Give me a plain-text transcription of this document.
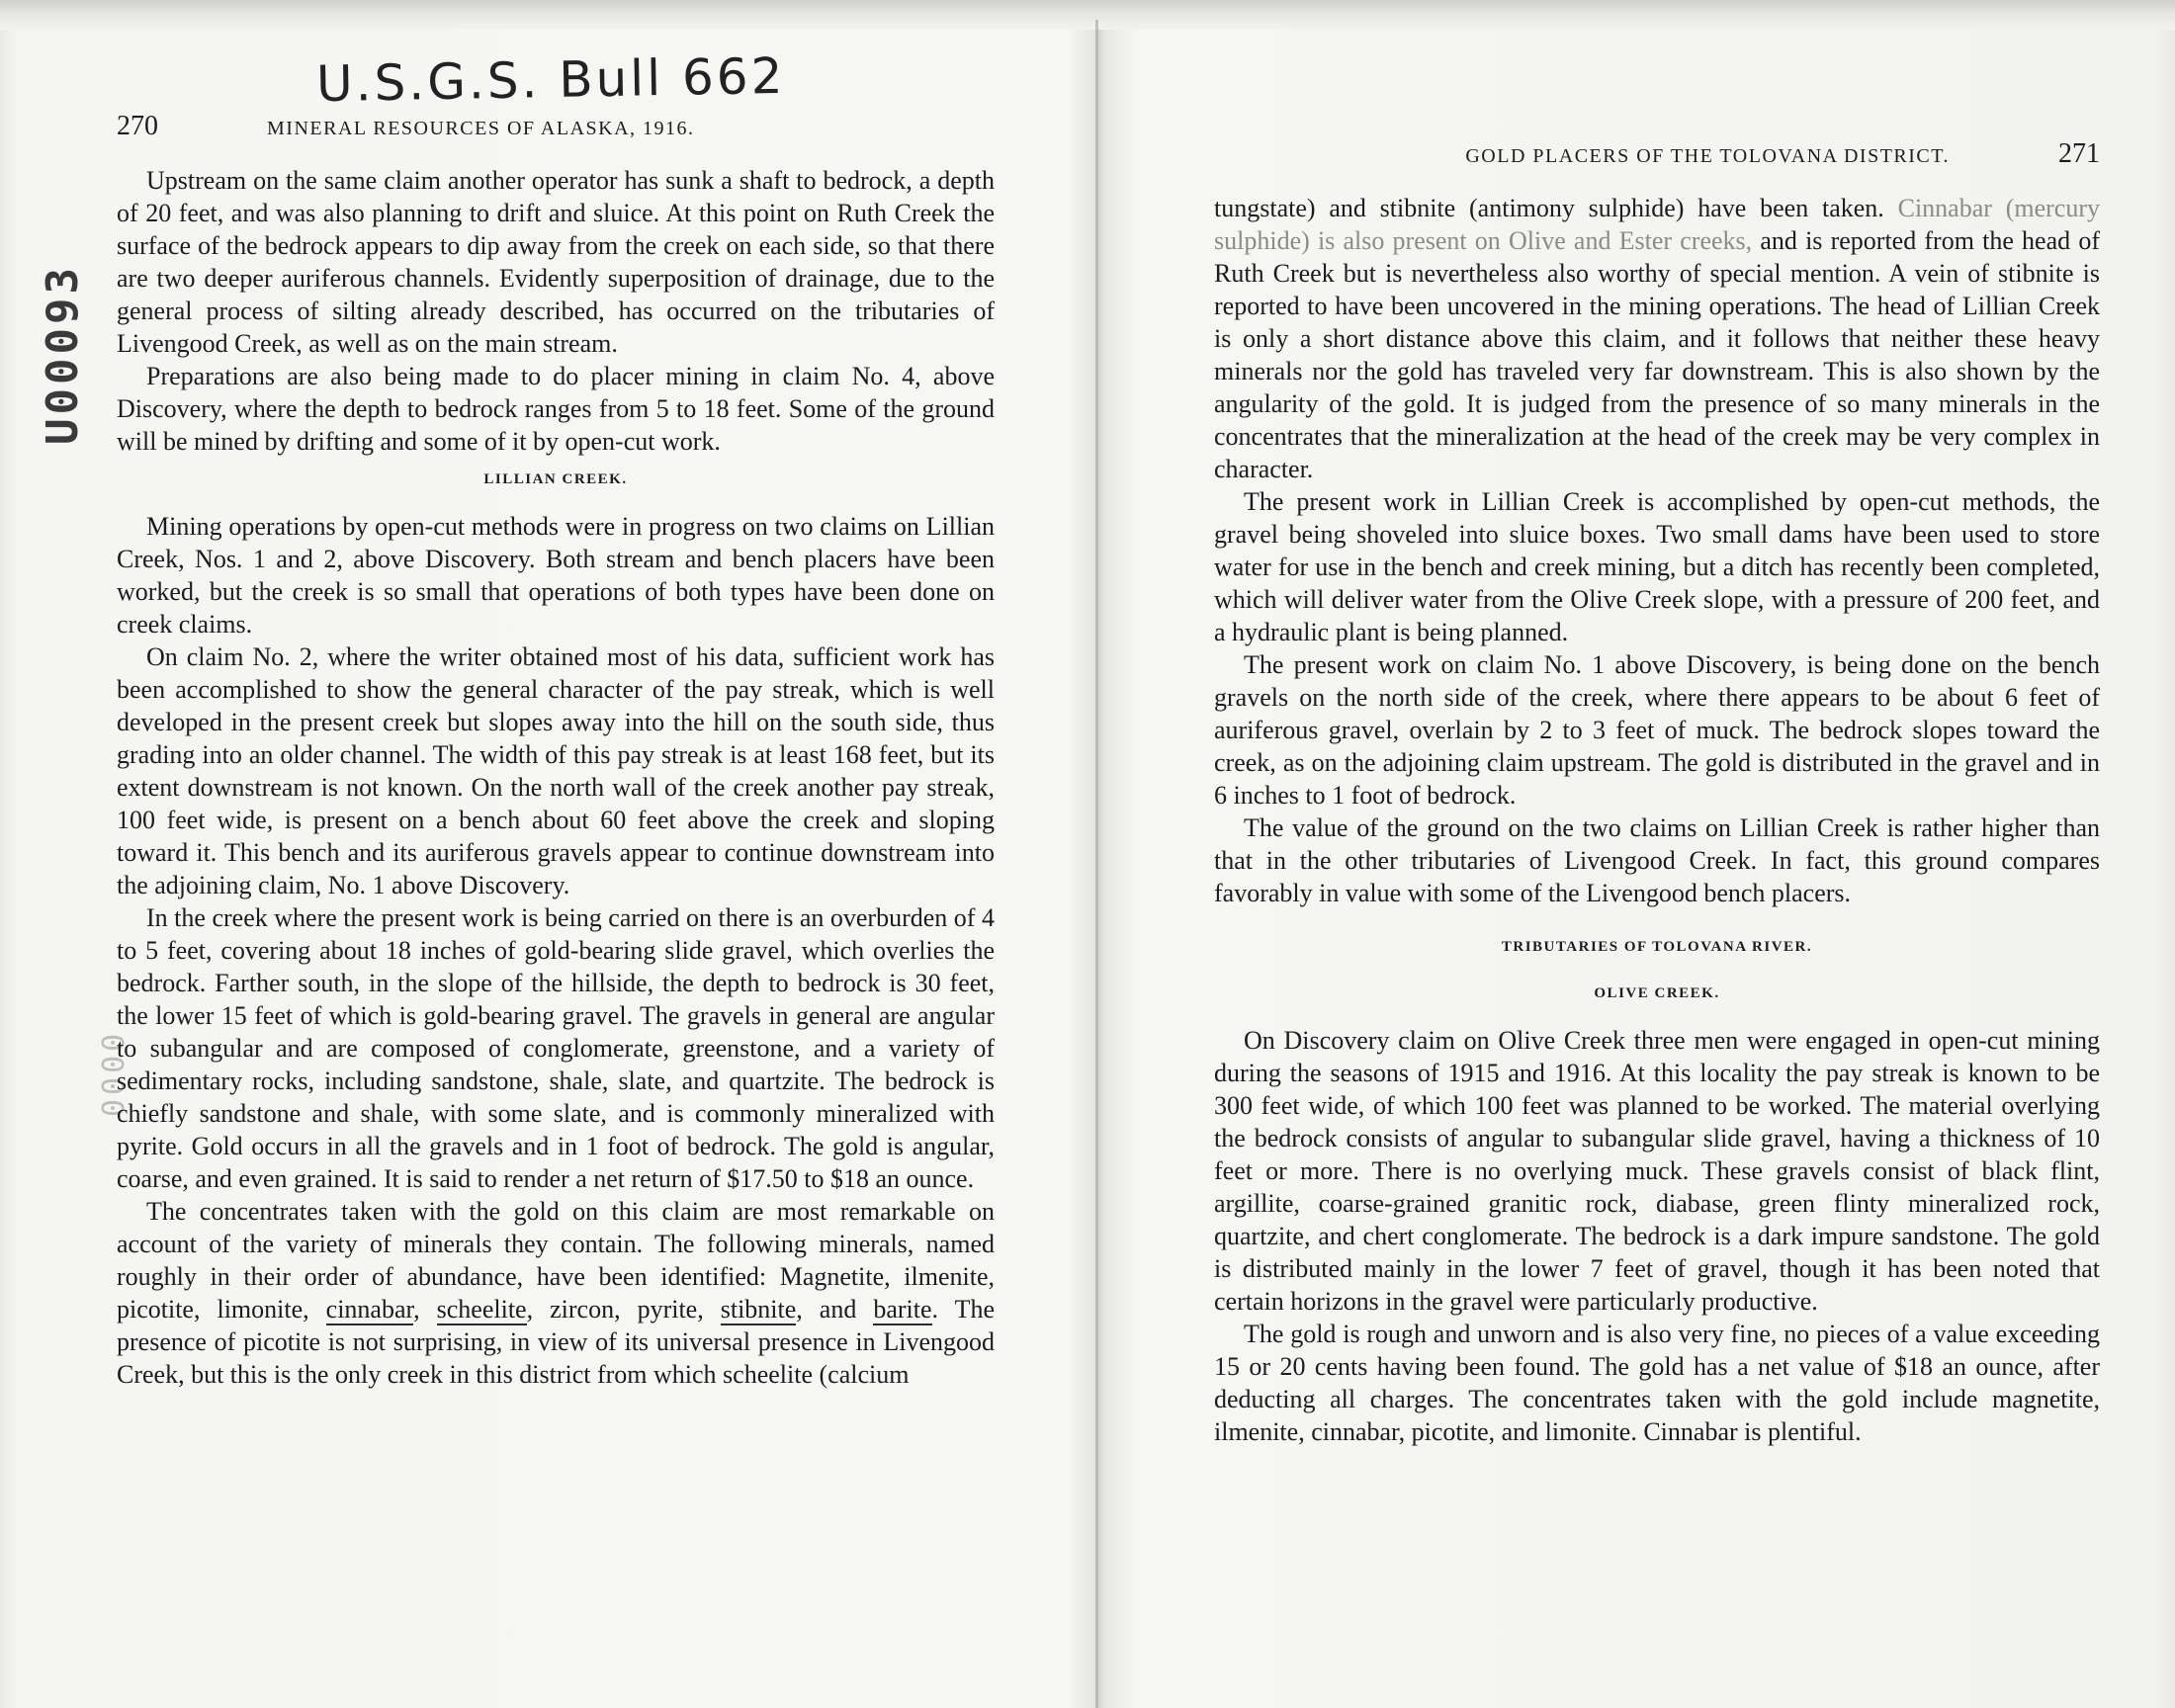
U.S.G.S. Bull 662
U00093
0000
270	MINERAL RESOURCES OF ALASKA, 1916.

Upstream on the same claim another operator has sunk a shaft to bedrock, a depth of 20 feet, and was also planning to drift and sluice. At this point on Ruth Creek the surface of the bedrock appears to dip away from the creek on each side, so that there are two deeper auriferous channels. Evidently superposition of drainage, due to the general process of silting already described, has occurred on the tributaries of Livengood Creek, as well as on the main stream.

Preparations are also being made to do placer mining in claim No. 4, above Discovery, where the depth to bedrock ranges from 5 to 18 feet. Some of the ground will be mined by drifting and some of it by open-cut work.

LILLIAN CREEK.

Mining operations by open-cut methods were in progress on two claims on Lillian Creek, Nos. 1 and 2, above Discovery. Both stream and bench placers have been worked, but the creek is so small that operations of both types have been done on creek claims.

On claim No. 2, where the writer obtained most of his data, sufficient work has been accomplished to show the general character of the pay streak, which is well developed in the present creek but slopes away into the hill on the south side, thus grading into an older channel. The width of this pay streak is at least 168 feet, but its extent downstream is not known. On the north wall of the creek another pay streak, 100 feet wide, is present on a bench about 60 feet above the creek and sloping toward it. This bench and its auriferous gravels appear to continue downstream into the adjoining claim, No. 1 above Discovery.

In the creek where the present work is being carried on there is an overburden of 4 to 5 feet, covering about 18 inches of gold-bearing slide gravel, which overlies the bedrock. Farther south, in the slope of the hillside, the depth to bedrock is 30 feet, the lower 15 feet of which is gold-bearing gravel. The gravels in general are angular to subangular and are composed of conglomerate, greenstone, and a variety of sedimentary rocks, including sandstone, shale, slate, and quartzite. The bedrock is chiefly sandstone and shale, with some slate, and is commonly mineralized with pyrite. Gold occurs in all the gravels and in 1 foot of bedrock. The gold is angular, coarse, and even grained. It is said to render a net return of $17.50 to $18 an ounce.

The concentrates taken with the gold on this claim are most remarkable on account of the variety of minerals they contain. The following minerals, named roughly in their order of abundance, have been identified: Magnetite, ilmenite, picotite, limonite, cinnabar, scheelite, zircon, pyrite, stibnite, and barite. The presence of picotite is not surprising, in view of its universal presence in Livengood Creek, but this is the only creek in this district from which scheelite (calcium

GOLD PLACERS OF THE TOLOVANA DISTRICT.	271

tungstate) and stibnite (antimony sulphide) have been taken. Cinnabar (mercury sulphide) is also present on Olive and Ester creeks, and is reported from the head of Ruth Creek but is nevertheless also worthy of special mention. A vein of stibnite is reported to have been uncovered in the mining operations. The head of Lillian Creek is only a short distance above this claim, and it follows that neither these heavy minerals nor the gold has traveled very far downstream. This is also shown by the angularity of the gold. It is judged from the presence of so many minerals in the concentrates that the mineralization at the head of the creek may be very complex in character.

The present work in Lillian Creek is accomplished by open-cut methods, the gravel being shoveled into sluice boxes. Two small dams have been used to store water for use in the bench and creek mining, but a ditch has recently been completed, which will deliver water from the Olive Creek slope, with a pressure of 200 feet, and a hydraulic plant is being planned.

The present work on claim No. 1 above Discovery, is being done on the bench gravels on the north side of the creek, where there appears to be about 6 feet of auriferous gravel, overlain by 2 to 3 feet of muck. The bedrock slopes toward the creek, as on the adjoining claim upstream. The gold is distributed in the gravel and in 6 inches to 1 foot of bedrock.

The value of the ground on the two claims on Lillian Creek is rather higher than that in the other tributaries of Livengood Creek. In fact, this ground compares favorably in value with some of the Livengood bench placers.

TRIBUTARIES OF TOLOVANA RIVER.
OLIVE CREEK.

On Discovery claim on Olive Creek three men were engaged in open-cut mining during the seasons of 1915 and 1916. At this locality the pay streak is known to be 300 feet wide, of which 100 feet was planned to be worked. The material overlying the bedrock consists of angular to subangular slide gravel, having a thickness of 10 feet or more. There is no overlying muck. These gravels consist of black flint, argillite, coarse-grained granitic rock, diabase, green flinty mineralized rock, quartzite, and chert conglomerate. The bedrock is a dark impure sandstone. The gold is distributed mainly in the lower 7 feet of gravel, though it has been noted that certain horizons in the gravel were particularly productive.

The gold is rough and unworn and is also very fine, no pieces of a value exceeding 15 or 20 cents having been found. The gold has a net value of $18 an ounce, after deducting all charges. The concentrates taken with the gold include magnetite, ilmenite, cinnabar, picotite, and limonite. Cinnabar is plentiful.
